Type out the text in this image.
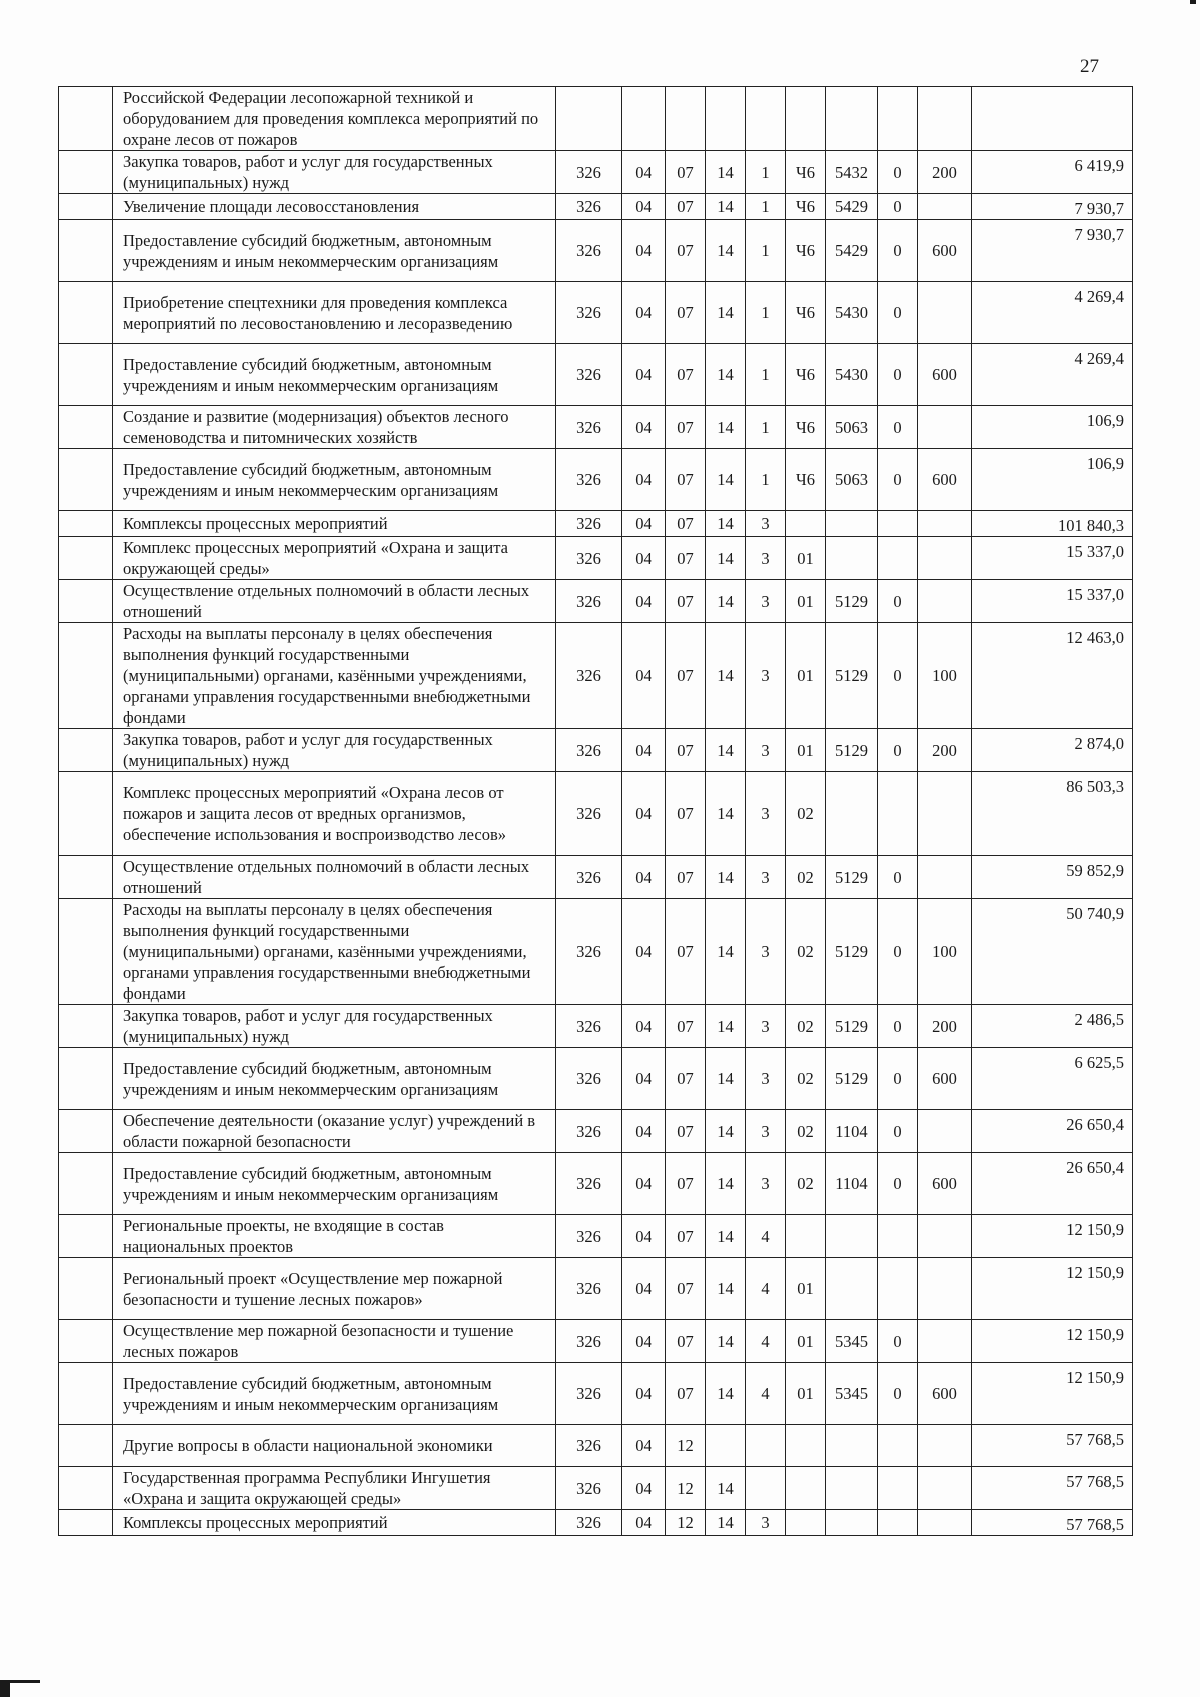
27
	Российской Федерации лесопожарной техникой и оборудованием для проведения комплекса мероприятий по охране лесов от пожаров										
	Закупка товаров, работ и услуг для государственных (муниципальных) нужд	326	04	07	14	1	Ч6	5432	0	200	6 419,9
	Увеличение площади лесовосстановления	326	04	07	14	1	Ч6	5429	0		7 930,7
	Предоставление субсидий бюджетным, автономным учреждениям и иным некоммерческим организациям	326	04	07	14	1	Ч6	5429	0	600	7 930,7
	Приобретение спецтехники для проведения комплекса мероприятий по лесовостановлению и лесоразведению	326	04	07	14	1	Ч6	5430	0		4 269,4
	Предоставление субсидий бюджетным, автономным учреждениям и иным некоммерческим организациям	326	04	07	14	1	Ч6	5430	0	600	4 269,4
	Создание и развитие (модернизация) объектов лесного семеноводства и питомнических хозяйств	326	04	07	14	1	Ч6	5063	0		106,9
	Предоставление субсидий бюджетным, автономным учреждениям и иным некоммерческим организациям	326	04	07	14	1	Ч6	5063	0	600	106,9
	Комплексы процессных мероприятий	326	04	07	14	3					101 840,3
	Комплекс процессных мероприятий «Охрана и защита окружающей среды»	326	04	07	14	3	01				15 337,0
	Осуществление отдельных полномочий в области лесных отношений	326	04	07	14	3	01	5129	0		15 337,0
	Расходы на выплаты персоналу в целях обеспечения выполнения функций государственными (муниципальными) органами, казёнными учреждениями, органами управления государственными внебюджетными фондами	326	04	07	14	3	01	5129	0	100	12 463,0
	Закупка товаров, работ и услуг для государственных (муниципальных) нужд	326	04	07	14	3	01	5129	0	200	2 874,0
	Комплекс процессных мероприятий «Охрана лесов от пожаров и защита лесов от вредных организмов, обеспечение использования и воспроизводство лесов»	326	04	07	14	3	02				86 503,3
	Осуществление отдельных полномочий в области лесных отношений	326	04	07	14	3	02	5129	0		59 852,9
	Расходы на выплаты персоналу в целях обеспечения выполнения функций государственными (муниципальными) органами, казёнными учреждениями, органами управления государственными внебюджетными фондами	326	04	07	14	3	02	5129	0	100	50 740,9
	Закупка товаров, работ и услуг для государственных (муниципальных) нужд	326	04	07	14	3	02	5129	0	200	2 486,5
	Предоставление субсидий бюджетным, автономным учреждениям и иным некоммерческим организациям	326	04	07	14	3	02	5129	0	600	6 625,5
	Обеспечение деятельности (оказание услуг) учреждений в области пожарной безопасности	326	04	07	14	3	02	1104	0		26 650,4
	Предоставление субсидий бюджетным, автономным учреждениям и иным некоммерческим организациям	326	04	07	14	3	02	1104	0	600	26 650,4
	Региональные проекты, не входящие в состав национальных проектов	326	04	07	14	4					12 150,9
	Региональный проект «Осуществление мер пожарной безопасности и тушение лесных пожаров»	326	04	07	14	4	01				12 150,9
	Осуществление мер пожарной безопасности и тушение лесных пожаров	326	04	07	14	4	01	5345	0		12 150,9
	Предоставление субсидий бюджетным, автономным учреждениям и иным некоммерческим организациям	326	04	07	14	4	01	5345	0	600	12 150,9
	Другие вопросы в области национальной экономики	326	04	12							57 768,5
	Государственная программа Республики Ингушетия «Охрана и защита окружающей среды»	326	04	12	14						57 768,5
	Комплексы процессных мероприятий	326	04	12	14	3					57 768,5
